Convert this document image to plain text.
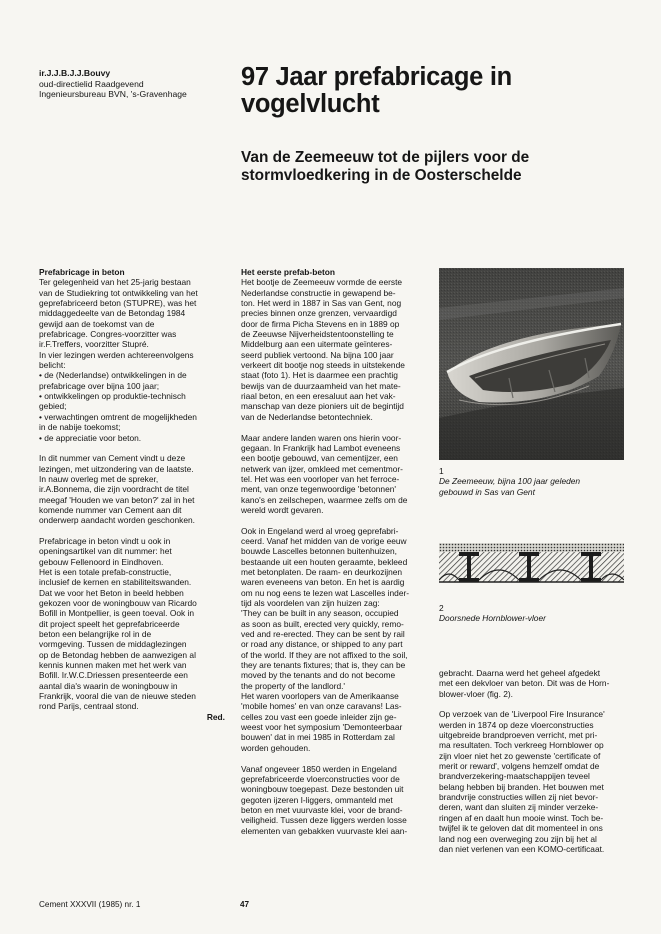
ir.J.J.B.J.J.Bouvy
oud-directielid Raadgevend
Ingenieursbureau BVN, 's-Gravenhage
97 Jaar prefabricage in
vogelvlucht
Van de Zeemeeuw tot de pijlers voor de
stormvloedkering in de Oosterschelde

Prefabricage in beton

Ter gelegenheid van het 25-jarig bestaan
van de Studiekring tot ontwikkeling van het
geprefabriceerd beton (STUPRE), was het
middaggedeelte van de Betondag 1984
gewijd aan de toekomst van de
prefabricage. Congres-voorzitter was
ir.F.Treffers, voorzitter Stupré.
In vier lezingen werden achtereenvolgens
belicht:
• de (Nederlandse) ontwikkelingen in de
prefabricage over bijna 100 jaar;
• ontwikkelingen op produktie-technisch
gebied;
• verwachtingen omtrent de mogelijkheden
in de nabije toekomst;
• de appreciatie voor beton.
In dit nummer van Cement vindt u deze
lezingen, met uitzondering van de laatste.
In nauw overleg met de spreker,
ir.A.Bonnema, die zijn voordracht de titel
meegaf 'Houden we van beton?' zal in het
komende nummer van Cement aan dit
onderwerp aandacht worden geschonken.
Prefabricage in beton vindt u ook in
openingsartikel van dit nummer: het
gebouw Fellenoord in Eindhoven.
Het is een totale prefab-constructie,
inclusief de kernen en stabiliteitswanden.
Dat we voor het Beton in beeld hebben
gekozen voor de woningbouw van Ricardo
Bofill in Montpellier, is geen toeval. Ook in
dit project speelt het geprefabriceerde
beton een belangrijke rol in de
vormgeving. Tussen de middaglezingen
op de Betondag hebben de aanwezigen al
kennis kunnen maken met het werk van
Bofill. Ir.W.C.Driessen presenteerde een
aantal dia's waarin de woningbouw in
Frankrijk, vooral die van de nieuwe steden
rond Parijs, centraal stond.

Red.

Het eerste prefab-beton

Het bootje de Zeemeeuw vormde de eerste
Nederlandse constructie in gewapend be-
ton. Het werd in 1887 in Sas van Gent, nog
precies binnen onze grenzen, vervaardigd
door de firma Picha Stevens en in 1889 op
de Zeeuwse Nijverheidstentoonstelling te
Middelburg aan een uitermate geïnteres-
seerd publiek vertoond. Na bijna 100 jaar
verkeert dit bootje nog steeds in uitstekende
staat (foto 1). Het is daarmee een prachtig
bewijs van de duurzaamheid van het mate-
riaal beton, en een eresaluut aan het vak-
manschap van deze pioniers uit de begintijd
van de Nederlandse betontechniek.
Maar andere landen waren ons hierin voor-
gegaan. In Frankrijk had Lambot eveneens
een bootje gebouwd, van cementijzer, een
netwerk van ijzer, omkleed met cementmor-
tel. Het was een voorloper van het ferroce-
ment, van onze tegenwoordige 'betonnen'
kano's en zeilschepen, waarmee zelfs om de
wereld wordt gevaren.
Ook in Engeland werd al vroeg geprefabri-
ceerd. Vanaf het midden van de vorige eeuw
bouwde Lascelles betonnen buitenhuizen,
bestaande uit een houten geraamte, bekleed
met betonplaten. De raam- en deurkozijnen
waren eveneens van beton. En het is aardig
om nu nog eens te lezen wat Lascelles inder-
tijd als voordelen van zijn huizen zag:
'They can be built in any season, occupied
as soon as built, erected very quickly, remo-
ved and re-erected. They can be sent by rail
or road any distance, or shipped to any part
of the world. If they are not affixed to the soil,
they are tenants fixtures; that is, they can be
moved by the tenants and do not become
the property of the landlord.'
Het waren voorlopers van de Amerikaanse
'mobile homes' en van onze caravans! Las-
celles zou vast een goede inleider zijn ge-
weest voor het symposium 'Demonteerbaar
bouwen' dat in mei 1985 in Rotterdam zal
worden gehouden.
Vanaf ongeveer 1850 werden in Engeland
geprefabriceerde vloerconstructies voor de
woningbouw toegepast. Deze bestonden uit
gegoten ijzeren I-liggers, ommanteld met
beton en met vuurvaste klei, voor de brand-
veiligheid. Tussen deze liggers werden losse
elementen van gebakken vuurvaste klei aan-
1
De Zeemeeuw, bijna 100 jaar geleden
gebouwd in Sas van Gent
2
Doorsnede Hornblower-vloer
gebracht. Daarna werd het geheel afgedekt
met een dekvloer van beton. Dit was de Horn-
blower-vloer (fig. 2).
Op verzoek van de 'Liverpool Fire Insurance'
werden in 1874 op deze vloerconstructies
uitgebreide brandproeven verricht, met pri-
ma resultaten. Toch verkreeg Hornblower op
zijn vloer niet het zo gewenste 'certificate of
merit or reward', volgens hemzelf omdat de
brandverzekering-maatschappijen teveel
belang hebben bij branden. Het bouwen met
brandvrije constructies willen zij niet bevor-
deren, want dan sluiten zij minder verzeke-
ringen af en daalt hun mooie winst. Toch be-
twijfel ik te geloven dat dit momenteel in ons
land nog een overweging zou zijn bij het al
dan niet verlenen van een KOMO-certificaat.
Cement XXXVII (1985) nr. 1	47
